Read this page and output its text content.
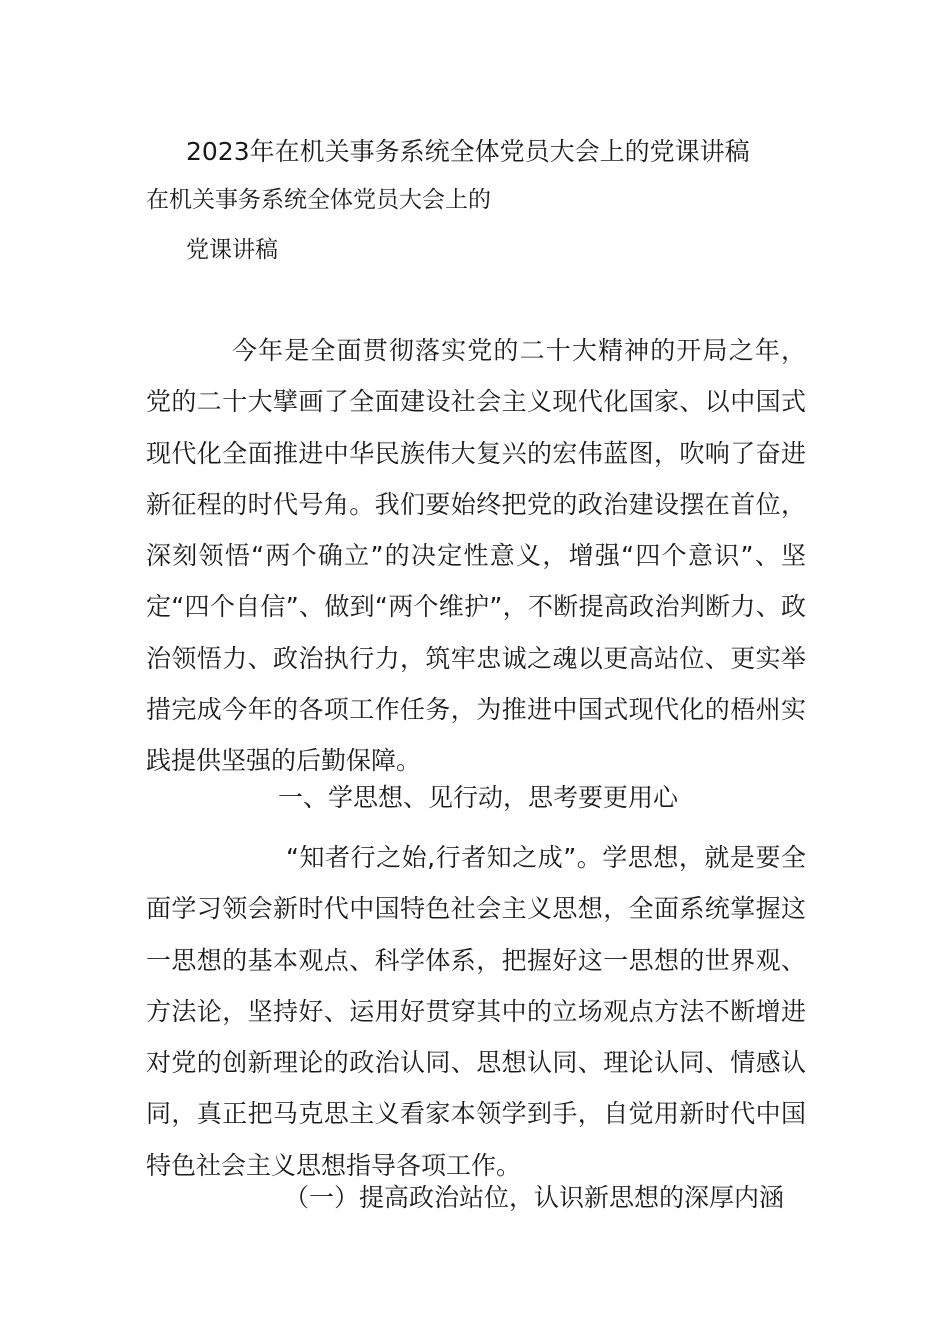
2023年在机关事务系统全体党员大会上的党课讲稿
在机关事务系统全体党员大会上的
党课讲稿

今年是全面贯彻落实党的二十大精神的开局之年，党的二十大擘画了全面建设社会主义现代化国家、以中国式现代化全面推进中华民族伟大复兴的宏伟蓝图，吹响了奋进新征程的时代号角。我们要始终把党的政治建设摆在首位，深刻领悟“两个确立”的决定性意义，增强“四个意识”、坚定“四个自信”、做到“两个维护”，不断提高政治判断力、政治领悟力、政治执行力，筑牢忠诚之魂以更高站位、更实举措完成今年的各项工作任务，为推进中国式现代化的梧州实践提供坚强的后勤保障。

一、学思想、见行动，思考要更用心

“知者行之始,行者知之成”。学思想，就是要全面学习领会新时代中国特色社会主义思想，全面系统掌握这一思想的基本观点、科学体系，把握好这一思想的世界观、方法论，坚持好、运用好贯穿其中的立场观点方法不断增进对党的创新理论的政治认同、思想认同、理论认同、情感认同，真正把马克思主义看家本领学到手，自觉用新时代中国特色社会主义思想指导各项工作。

（一）提高政治站位，认识新思想的深厚内涵
